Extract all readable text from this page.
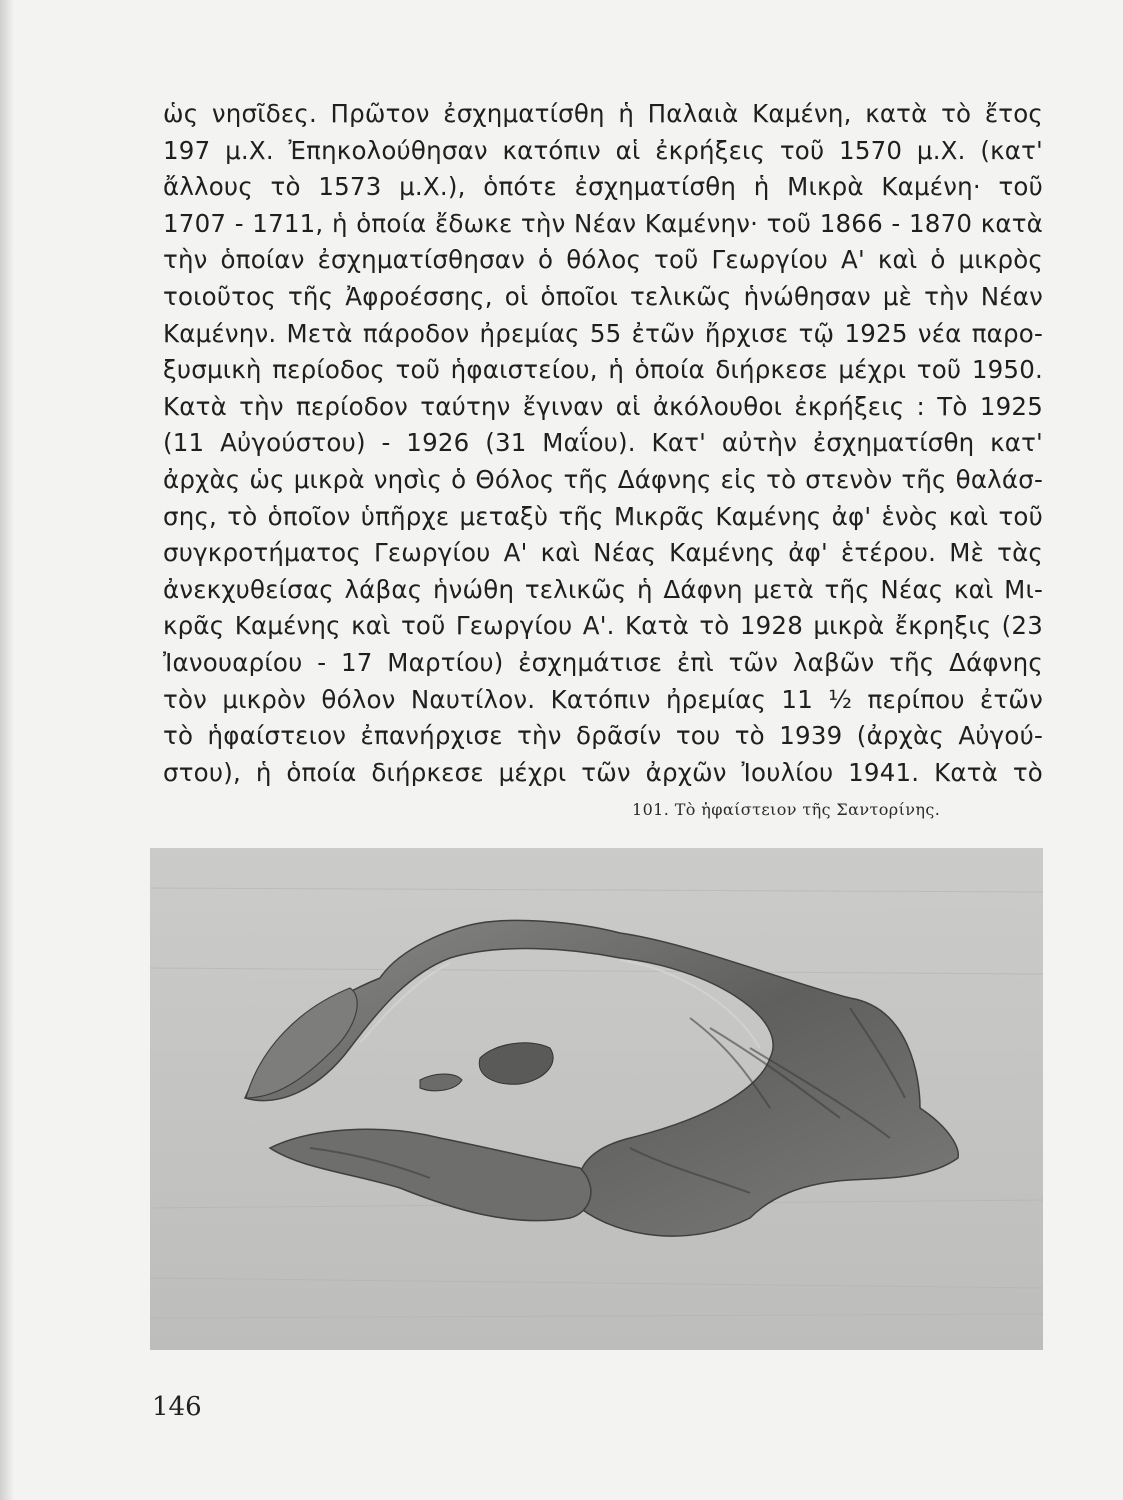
ὡς νησῖδες. Πρῶτον ἐσχηματίσθη ἡ Παλαιὰ Καμένη, κατὰ τὸ ἔτος
197 μ.Χ. Ἐπηκολούθησαν κατόπιν αἱ ἐκρήξεις τοῦ 1570 μ.Χ. (κατ'
ἄλλους τὸ 1573 μ.Χ.), ὁπότε ἐσχηματίσθη ἡ Μικρὰ Καμένη· τοῦ
1707 - 1711, ἡ ὁποία ἔδωκε τὴν Νέαν Καμένην· τοῦ 1866 - 1870 κατὰ
τὴν ὁποίαν ἐσχηματίσθησαν ὁ θόλος τοῦ Γεωργίου Α' καὶ ὁ μικρὸς
τοιοῦτος τῆς Ἀφροέσσης, οἱ ὁποῖοι τελικῶς ἡνώθησαν μὲ τὴν Νέαν
Καμένην. Μετὰ πάροδον ἠρεμίας 55 ἐτῶν ἤρχισε τῷ 1925 νέα παρο-
ξυσμικὴ περίοδος τοῦ ἡφαιστείου, ἡ ὁποία διήρκεσε μέχρι τοῦ 1950.
Κατὰ τὴν περίοδον ταύτην ἔγιναν αἱ ἀκόλουθοι ἐκρήξεις : Τὸ 1925
(11 Αὐγούστου) - 1926 (31 Μαΐου). Κατ' αὐτὴν ἐσχηματίσθη κατ'
ἀρχὰς ὡς μικρὰ νησὶς ὁ Θόλος τῆς Δάφνης εἰς τὸ στενὸν τῆς θαλάσ-
σης, τὸ ὁποῖον ὑπῆρχε μεταξὺ τῆς Μικρᾶς Καμένης ἀφ' ἑνὸς καὶ τοῦ
συγκροτήματος Γεωργίου Α' καὶ Νέας Καμένης ἀφ' ἑτέρου. Μὲ τὰς
ἀνεκχυθείσας λάβας ἡνώθη τελικῶς ἡ Δάφνη μετὰ τῆς Νέας καὶ Μι-
κρᾶς Καμένης καὶ τοῦ Γεωργίου Α'. Κατὰ τὸ 1928 μικρὰ ἔκρηξις (23
Ἰανουαρίου - 17 Μαρτίου) ἐσχημάτισε ἐπὶ τῶν λαβῶν τῆς Δάφνης
τὸν μικρὸν θόλον Ναυτίλον. Κατόπιν ἠρεμίας 11 ½ περίπου ἐτῶν
τὸ ἡφαίστειον ἐπανήρχισε τὴν δρᾶσίν του τὸ 1939 (ἀρχὰς Αὐγού-
στου), ἡ ὁποία διήρκεσε μέχρι τῶν ἀρχῶν Ἰουλίου 1941. Κατὰ τὸ
101. Τὸ ἡφαίστειον τῆς Σαντορίνης.
146
